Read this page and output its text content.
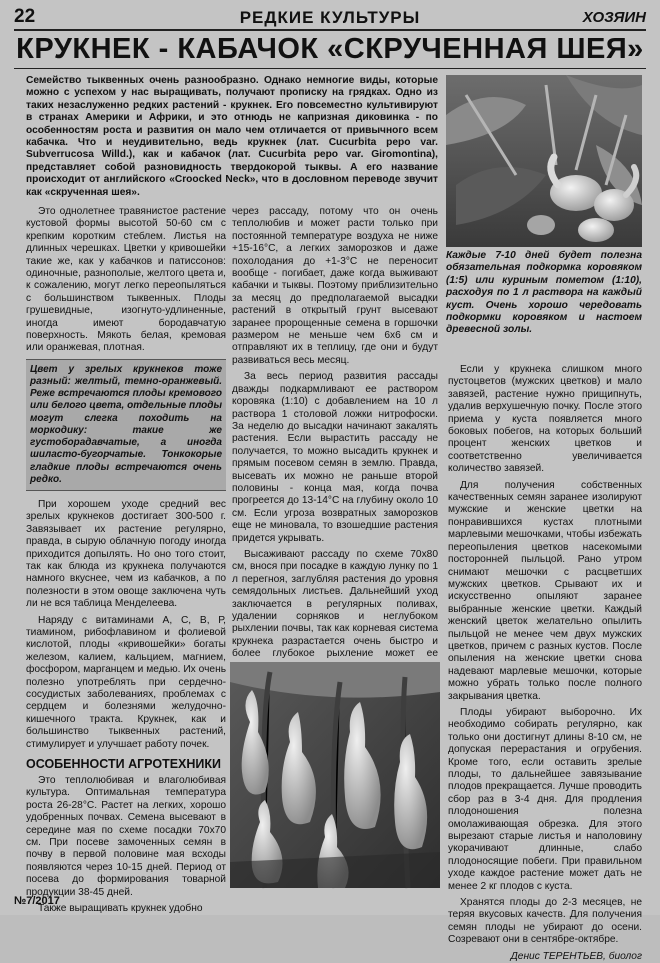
22	РЕДКИЕ КУЛЬТУРЫ	ХОЗЯИН
КРУКНЕК - КАБАЧОК «СКРУЧЕННАЯ ШЕЯ»
Семейство тыквенных очень разнообразно. Однако немногие виды, которые можно с успехом у нас выращивать, получают прописку на грядках. Одно из таких незаслуженно редких растений - крукнек. Его повсеместно культивируют в странах Америки и Африки, и это отнюдь не капризная диковинка - по особенностям роста и развития он мало чем отличается от привычного всем кабачка. Что и неудивительно, ведь крукнек (лат. Cucurbita pepo var. Subverrucosa Willd.), как и кабачок (лат. Cucurbita pepo var. Giromontina), представляет собой разновидность твердокорой тыквы. А его название происходит от английского «Croocked Neck», что в дословном переводе звучит как «скрученная шея».
Каждые 7-10 дней будет полезна обязательная подкормка коровяком (1:5) или куриным пометом (1:10), расходуя по 1 л раствора на каждый куст. Очень хорошо чередовать подкормки коровяком и настоем древесной золы.

Это однолетнее травянистое растение кустовой формы высотой 50-60 см с крепким коротким стеблем. Листья на длинных черешках. Цветки у кривошейки такие же, как у кабачков и патиссонов: одиночные, разнополые, желтого цвета и, к сожалению, могут легко переопыляться с большинством тыквенных. Плоды грушевидные, изогнуто-удлиненные, иногда имеют бородавчатую поверхность. Мякоть белая, кремовая или оранжевая, плотная.

Цвет у зрелых крукнеков тоже разный: желтый, темно-оранжевый. Реже встречаются плоды кремового или белого цвета, отдельные плоды могут слегка походить на моркодику: такие же густоборадавчатые, а иногда шиласто-бугорчатые. Тонкокорые гладкие плоды встречаются очень редко.

При хорошем уходе средний вес зрелых крукнеков достигает 300-500 г. Завязывает их растение регулярно, правда, в сырую облачную погоду иногда приходится допылять. Но оно того стоит, так как блюда из крукнека получаются намного вкуснее, чем из кабачков, а по полезности в этом овоще заключена чуть ли не вся таблица Менделеева.

Наряду с витаминами А, С, В, Р, тиамином, рибофлавином и фолиевой кислотой, плоды «кривошейки» богаты железом, калием, кальцием, магнием, фосфором, марганцем и медью. Их очень полезно употреблять при сердечно-сосудистых заболеваниях, проблемах с сердцем и болезнями желудочно-кишечного тракта. Крукнек, как и большинство тыквенных растений, стимулирует и улучшает работу почек.

ОСОБЕННОСТИ АГРОТЕХНИКИ

Это теплолюбивая и влаголюбивая культура. Оптимальная температура роста 26-28°С. Растет на легких, хорошо удобренных почвах. Семена высевают в середине мая по схеме посадки 70х70 см. При посеве замоченных семян в почву в первой половине мая всходы появляются через 10-15 дней. Период от посева до формирования товарной продукции 38-45 дней.

Также выращивать крукнек удобно

через рассаду, потому что он очень теплолюбив и может расти только при постоянной температуре воздуха не ниже +15-16°С, а легких заморозков и даже похолодания до +1-3°С не переносит вообще - погибает, даже когда выживают кабачки и тыквы. Поэтому приблизительно за месяц до предполагаемой высадки растений в открытый грунт высевают заранее пророщенные семена в горшочки размером не меньше чем 6х6 см и отправляют их в теплицу, где они и будут развиваться весь месяц.

За весь период развития рассады дважды подкармливают ее раствором коровяка (1:10) с добавлением на 10 л раствора 1 столовой ложки нитрофоски. За неделю до высадки начинают закалять растения. Если вырастить рассаду не получается, то можно высадить крукнек и прямым посевом семян в землю. Правда, высевать их можно не раньше второй половины - конца мая, когда почва прогреется до 13-14°С на глубину около 10 см. Если угроза возвратных заморозков еще не миновала, то взошедшие растения придется укрывать.

Высаживают рассаду по схеме 70х80 см, внося при посадке в каждую лунку по 1 л перегноя, заглубляя растения до уровня семядольных листьев. Дальнейший уход заключается в регулярных поливах, удалении сорняков и неглубоком рыхлении почвы, так как корневая система крукнека разрастается очень быстро и более глубокое рыхление может ее

Если у крукнека слишком много пустоцветов (мужских цветков) и мало завязей, растение нужно прищипнуть, удалив верхушечную почку. После этого приема у куста появляется много боковых побегов, на которых больший процент женских цветков и соответственно увеличивается количество завязей.

Для получения собственных качественных семян заранее изолируют мужские и женские цветки на понравившихся кустах плотными марлевыми мешочками, чтобы избежать переопыления цветков насекомыми посторонней пыльцой. Рано утром снимают мешочки с расцветших мужских цветков. Срывают их и искусственно опыляют заранее выбранные женские цветки. Каждый женский цветок желательно опылить пыльцой не менее чем двух мужских цветков, причем с разных кустов. После опыления на женские цветки снова надевают марлевые мешочки, которые можно убрать только после полного закрывания цветка.

Плоды убирают выборочно. Их необходимо собирать регулярно, как только они достигнут длины 8-10 см, не допуская перерастания и огрубения. Кроме того, если оставить зрелые плоды, то дальнейшее завязывание плодов прекращается. Лучше проводить сбор раз в 3-4 дня. Для продления плодоношения полезна омолаживающая обрезка. Для этого вырезают старые листья и наполовину укорачивают длинные, слабо плодоносящие побеги. При правильном уходе каждое растение может дать не менее 2 кг плодов с куста.

Хранятся плоды до 2-3 месяцев, не теряя вкусовых качеств. Для получения семян плоды не убирают до осени. Созревают они в сентябре-октябре.

Денис ТЕРЕНТЬЕВ, биолог
№7/2017
